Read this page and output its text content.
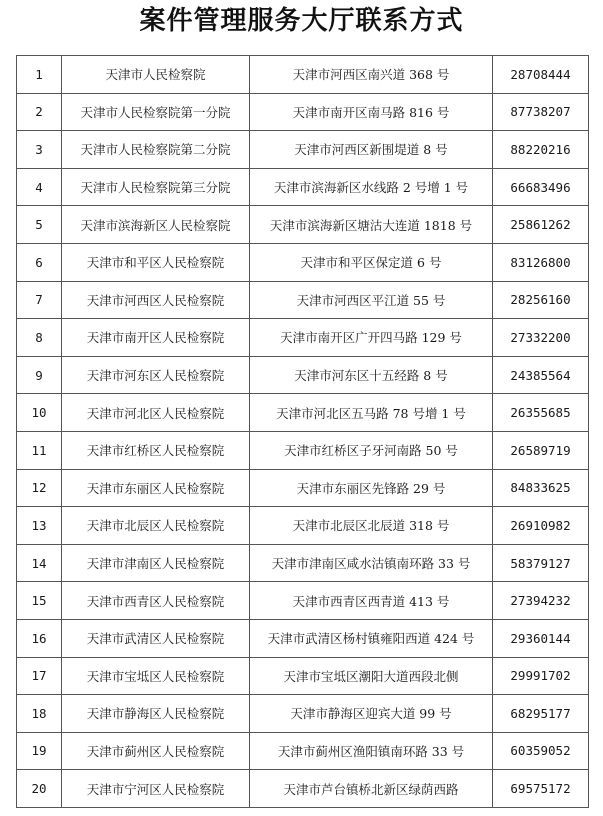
案件管理服务大厅联系方式
1	天津市人民检察院	天津市河西区南兴道 368 号	28708444
2	天津市人民检察院第一分院	天津市南开区南马路 816 号	87738207
3	天津市人民检察院第二分院	天津市河西区新围堤道 8 号	88220216
4	天津市人民检察院第三分院	天津市滨海新区水线路 2 号增 1 号	66683496
5	天津市滨海新区人民检察院	天津市滨海新区塘沽大连道 1818 号	25861262
6	天津市和平区人民检察院	天津市和平区保定道 6 号	83126800
7	天津市河西区人民检察院	天津市河西区平江道 55 号	28256160
8	天津市南开区人民检察院	天津市南开区广开四马路 129 号	27332200
9	天津市河东区人民检察院	天津市河东区十五经路 8 号	24385564
10	天津市河北区人民检察院	天津市河北区五马路 78 号增 1 号	26355685
11	天津市红桥区人民检察院	天津市红桥区子牙河南路 50 号	26589719
12	天津市东丽区人民检察院	天津市东丽区先锋路 29 号	84833625
13	天津市北辰区人民检察院	天津市北辰区北辰道 318 号	26910982
14	天津市津南区人民检察院	天津市津南区咸水沽镇南环路 33 号	58379127
15	天津市西青区人民检察院	天津市西青区西青道 413 号	27394232
16	天津市武清区人民检察院	天津市武清区杨村镇雍阳西道 424 号	29360144
17	天津市宝坻区人民检察院	天津市宝坻区潮阳大道西段北侧	29991702
18	天津市静海区人民检察院	天津市静海区迎宾大道 99 号	68295177
19	天津市蓟州区人民检察院	天津市蓟州区渔阳镇南环路 33 号	60359052
20	天津市宁河区人民检察院	天津市芦台镇桥北新区绿荫西路	69575172
